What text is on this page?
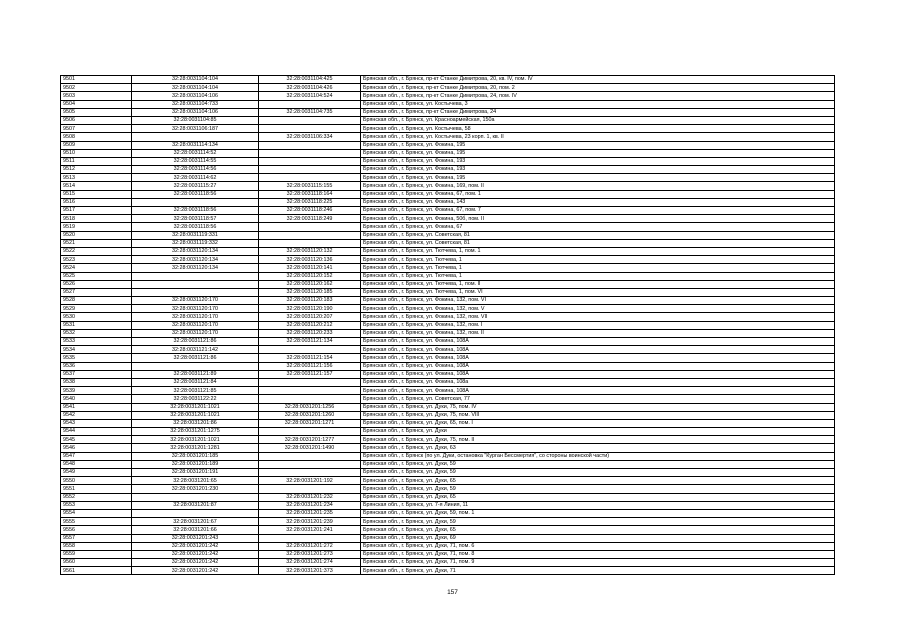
9501	32:28:0031104:104	32:28:0031104:425	Брянская обл., г. Брянск, пр-кт Станке Димитрова, 20, кв. IV, пом. IV
9502	32:28:0031104:104	32:28:0031104:426	Брянская обл., г. Брянск, пр-кт Станке Димитрова, 20, пом. 2
9503	32:28:0031104:106	32:28:0031104:524	Брянская обл., г. Брянск, пр-кт Станке Димитрова, 24, пом. IV
9504	32:28:0031104:733		Брянская обл., г. Брянск, ул. Костычева, 3
9505	32:28:0031104:106	32:28:0031104:735	Брянская обл., г. Брянск, пр-кт Станке Димитрова, 24
9506	32:28:0031104:85		Брянская обл., г. Брянск, ул. Красноармейская, 150а
9507	32:28:0031106:187		Брянская обл., г. Брянск, ул. Костычева, 58
9508		32:28:0031106:334	Брянская обл., г. Брянск, ул. Костычева, 23 корп. 1, кв. II
9509	32:28:0031114:134		Брянская обл., г. Брянск, ул. Фокина, 195
9510	32:28:0031114:52		Брянская обл., г. Брянск, ул. Фокина, 195
9511	32:28:0031114:55		Брянская обл., г. Брянск, ул. Фокина, 193
9512	32:28:0031114:56		Брянская обл., г. Брянск, ул. Фокина, 193
9513	32:28:0031114:62		Брянская обл., г. Брянск, ул. Фокина, 195
9514	32:28:0031115:27	32:28:0031115:155	Брянская обл., г. Брянск, ул. Фокина, 169, пом. II
9515	32:28:0031118:56	32:28:0031118:164	Брянская обл., г. Брянск, ул. Фокина, 67, пом. 1
9516		32:28:0031118:225	Брянская обл., г. Брянск, ул. Фокина, 143
9517	32:28:0031118:56	32:28:0031118:246	Брянская обл., г. Брянск, ул. Фокина, 67, пом. 7
9518	32:28:0031118:57	32:28:0031118:249	Брянская обл., г. Брянск, ул. Фокина, 50б, пом. II
9519	32:28:0031118:56		Брянская обл., г. Брянск, ул. Фокина, 67
9520	32:28:0031119:331		Брянская обл., г. Брянск, ул. Советская, 81
9521	32:28:0031119:332		Брянская обл., г. Брянск, ул. Советская, 81
9522	32:28:0031120:134	32:28:0031120:132	Брянская обл., г. Брянск, ул. Тютчева, 1, пом. 1
9523	32:28:0031120:134	32:28:0031120:136	Брянская обл., г. Брянск, ул. Тютчева, 1
9524	32:28:0031120:134	32:28:0031120:141	Брянская обл., г. Брянск, ул. Тютчева, 1
9525		32:28:0031120:152	Брянская обл., г. Брянск, ул. Тютчева, 1
9526		32:28:0031120:162	Брянская обл., г. Брянск, ул. Тютчева, 1, пом. II
9527		32:28:0031120:185	Брянская обл., г. Брянск, ул. Тютчева, 1, пом. VI
9528	32:28:0031120:170	32:28:0031120:183	Брянская обл., г. Брянск, ул. Фокина, 132, пом. VI
9529	32:28:0031120:170	32:28:0031120:190	Брянская обл., г. Брянск, ул. Фокина, 132, пом. V
9530	32:28:0031120:170	32:28:0031120:207	Брянская обл., г. Брянск, ул. Фокина, 132, пом. VII
9531	32:28:0031120:170	32:28:0031120:212	Брянская обл., г. Брянск, ул. Фокина, 132, пом. I
9532	32:28:0031120:170	32:28:0031120:233	Брянская обл., г. Брянск, ул. Фокина, 132, пом. II
9533	32:28:0031121:86	32:28:0031121:134	Брянская обл., г. Брянск, ул. Фокина, 108А
9534	32:28:0031121:142		Брянская обл., г. Брянск, ул. Фокина, 108А
9535	32:28:0031121:86	32:28:0031121:154	Брянская обл., г. Брянск, ул. Фокина, 108А
9536		32:28:0031121:156	Брянская обл., г. Брянск, ул. Фокина, 108А
9537	32:28:0031121:89	32:28:0031121:157	Брянская обл., г. Брянск, ул. Фокина, 108А
9538	32:28:0031121:84		Брянская обл., г. Брянск, ул. Фокина, 108а
9539	32:28:0031121:85		Брянская обл., г. Брянск, ул. Фокина, 108А
9540	32:28:0031122:22		Брянская обл., г. Брянск, ул. Советская, 77
9541	32:28:0031201:1021	32:28:0031201:1256	Брянская обл., г. Брянск, ул. Дуки, 75, пом. IV
9542	32:28:0031201:1021	32:28:0031201:1260	Брянская обл., г. Брянск, ул. Дуки, 75, пом. VIII
9543	32:28:0031201:86	32:28:0031201:1271	Брянская обл., г. Брянск, ул. Дуки, 65, пом. I
9544	32:28:0031201:1275		Брянская обл., г. Брянск, ул. Дуки
9545	32:28:0031201:1021	32:28:0031201:1277	Брянская обл., г. Брянск, ул. Дуки, 75, пом. II
9546	32:28:0031201:1281	32:28:0031201:1490	Брянская обл., г. Брянск, ул. Дуки, 63
9547	32:28:0031201:185		Брянская обл., г. Брянск (по ул. Дуки, остановка "Курган Бессмертия", со стороны воинской части)
9548	32:28:0031201:189		Брянская обл., г. Брянск, ул. Дуки, 59
9549	32:28:0031201:191		Брянская обл., г. Брянск, ул. Дуки, 59
9550	32:28:0031201:65	32:28:0031201:192	Брянская обл., г. Брянск, ул. Дуки, 65
9551	32:28:0031201:230		Брянская обл., г. Брянск, ул. Дуки, 59
9552		32:28:0031201:232	Брянская обл., г. Брянск, ул. Дуки, 65
9553	32:28:0031201:87	32:28:0031201:234	Брянская обл., г. Брянск, ул. 7-я Линия, 11
9554		32:28:0031201:235	Брянская обл., г. Брянск, ул. Дуки, 59, пом. 1
9555	32:28:0031201:67	32:28:0031201:239	Брянская обл., г. Брянск, ул. Дуки, 59
9556	32:28:0031201:66	32:28:0031201:241	Брянская обл., г. Брянск, ул. Дуки, 65
9557	32:28:0031201:243		Брянская обл., г. Брянск, ул. Дуки, 69
9558	32:28:0031201:242	32:28:0031201:272	Брянская обл., г. Брянск, ул. Дуки, 71, пом. 6
9559	32:28:0031201:242	32:28:0031201:273	Брянская обл., г. Брянск, ул. Дуки, 71, пом. 8
9560	32:28:0031201:242	32:28:0031201:274	Брянская обл., г. Брянск, ул. Дуки, 71, пом. 9
9561	32:28:0031201:242	32:28:0031201:373	Брянская обл., г. Брянск, ул. Дуки, 71
157
